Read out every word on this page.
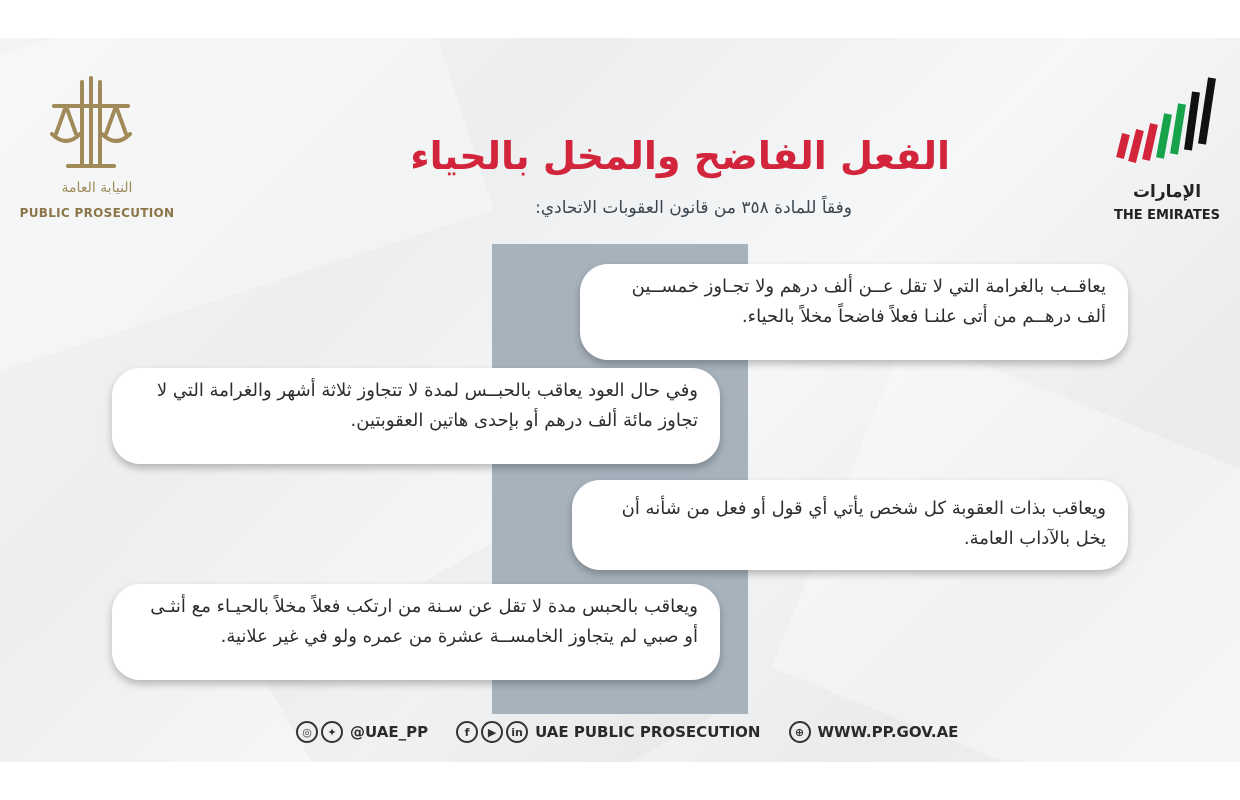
النيابة العامة
PUBLIC PROSECUTION
الإمارات
THE EMIRATES
الفعل الفاضح والمخل بالحياء
وفقاً للمادة ٣٥٨ من قانون العقوبات الاتحادي:
يعاقــب بالغرامة التي لا تقل عــن ألف درهم ولا تجـاوز خمســين ألف درهــم من أتى علنـا فعلاً فاضحاً مخلاً بالحياء.
وفي حال العود يعاقب بالحبــس لمدة لا تتجاوز ثلاثة أشهر والغرامة التي لا تجاوز مائة ألف درهم أو بإحدى هاتين العقوبتين.
ويعاقب بذات العقوبة كل شخص يأتي أي قول أو فعل من شأنه أن يخل بالآداب العامة.
ويعاقب بالحبس مدة لا تقل عن سـنة من ارتكب فعلاً مخلاً بالحيـاء مع أنثـى أو صبي لم يتجاوز الخامســة عشرة من عمره ولو في غير علانية.
◎	✦ @UAE_PP	f	▶	in UAE PUBLIC PROSECUTION	⊕ WWW.PP.GOV.AE
